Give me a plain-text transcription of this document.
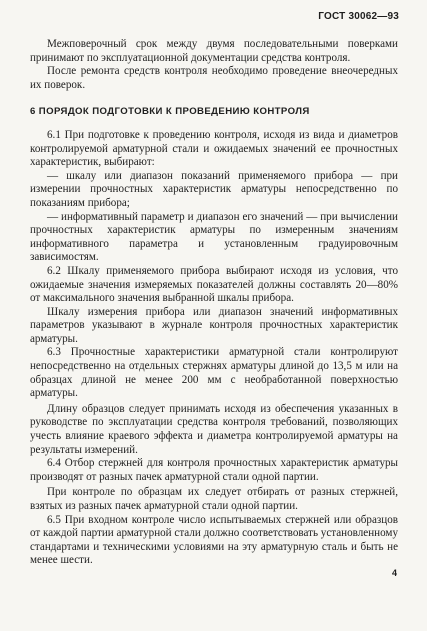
ГОСТ 30062—93

Межповерочный срок между двумя последовательными поверками принимают по эксплуатационной документации средства контроля.

После ремонта средств контроля необходимо проведение внеочередных их поверок.

6 ПОРЯДОК ПОДГОТОВКИ К ПРОВЕДЕНИЮ КОНТРОЛЯ

6.1 При подготовке к проведению контроля, исходя из вида и диаметров контролируемой арматурной стали и ожидаемых значений ее прочностных характеристик, выбирают:

— шкалу или диапазон показаний применяемого прибора — при измерении прочностных характеристик арматуры непосредственно по показаниям прибора;

— информативный параметр и диапазон его значений — при вычислении прочностных характеристик арматуры по измеренным значениям информативного параметра и установленным градуировочным зависимостям.

6.2 Шкалу применяемого прибора выбирают исходя из условия, что ожидаемые значения измеряемых показателей должны составлять 20—80% от максимального значения выбранной шкалы прибора.

Шкалу измерения прибора или диапазон значений информативных параметров указывают в журнале контроля прочностных характеристик арматуры.

6.3 Прочностные характеристики арматурной стали контролируют непосредственно на отдельных стержнях арматуры длиной до 13,5 м или на образцах длиной не менее 200 мм с необработанной поверхностью арматуры.

Длину образцов следует принимать исходя из обеспечения указанных в руководстве по эксплуатации средства контроля требований, позволяющих учесть влияние краевого эффекта и диаметра контролируемой арматуры на результаты измерений.

6.4 Отбор стержней для контроля прочностных характеристик арматуры производят от разных пачек арматурной стали одной партии.

При контроле по образцам их следует отбирать от разных стержней, взятых из разных пачек арматурной стали одной партии.

6.5 При входном контроле число испытываемых стержней или образцов от каждой партии арматурной стали должно соответствовать установленному стандартами и техническими условиями на эту арматурную сталь и быть не менее шести.

4
